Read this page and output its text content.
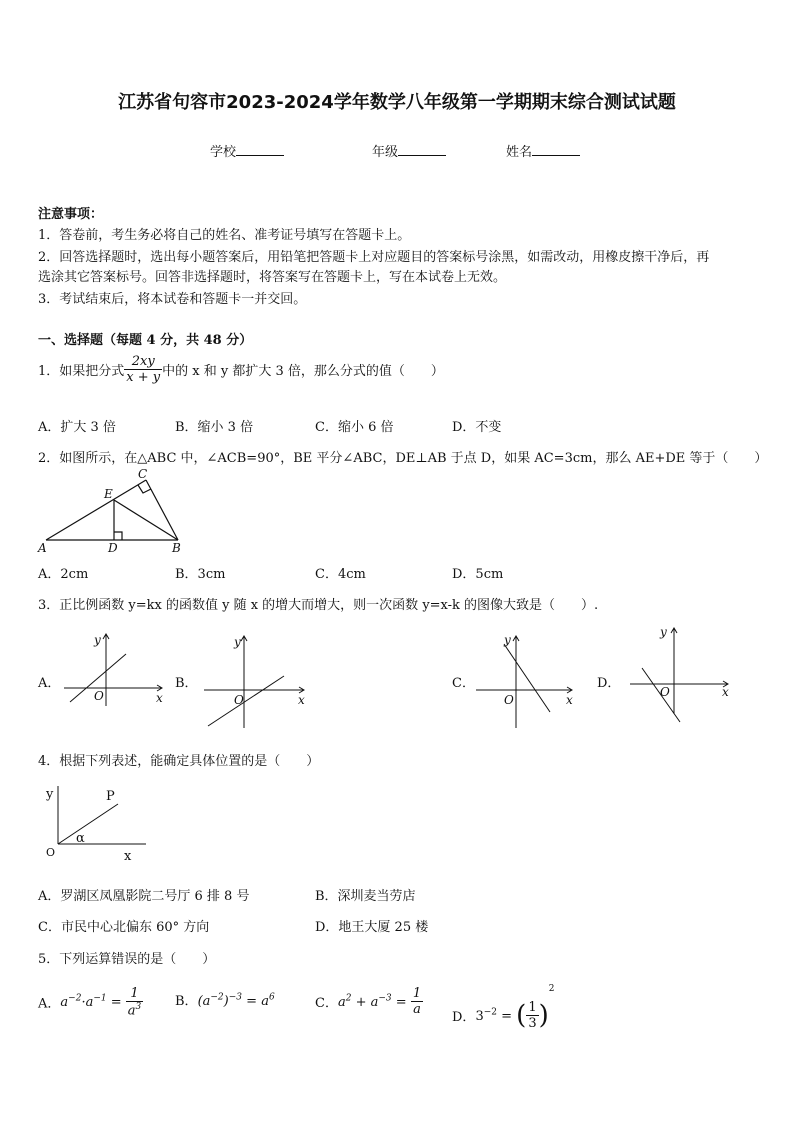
江苏省句容市2023-2024学年数学八年级第一学期期末综合测试试题
学校	年级	姓名
注意事项：
1．答卷前，考生务必将自己的姓名、准考证号填写在答题卡上。
2．回答选择题时，选出每小题答案后，用铅笔把答题卡上对应题目的答案标号涂黑，如需改动，用橡皮擦干净后，再
选涂其它答案标号。回答非选择题时，将答案写在答题卡上，写在本试卷上无效。
3．考试结束后，将本试卷和答题卡一并交回。
一、选择题（每题 4 分，共 48 分）
1．如果把分式 $\frac{2xy}{x + y}$ 中的 x 和 y 都扩大 3 倍，那么分式的值（　　）
A．扩大 3 倍	B．缩小 3 倍	C．缩小 6 倍	D．不变
2．如图所示，在△ABC 中，∠ACB=90°，BE 平分∠ABC，DE⊥AB 于点 D，如果 AC=3cm，那么 AE+DE 等于（　　）
A	B
C
D
E
A．2cm	B．3cm	C．4cm	D．5cm
3．正比例函数 y=kx 的函数值 y 随 x 的增大而增大，则一次函数 y=x-k 的图像大致是（　　）.
A．
y
x
O
B．
y
x
O
C．
y
x
O
D．
y
x
O
4．根据下列表述，能确定具体位置的是（　　）
y
x
O
P
α
A．罗湖区凤凰影院二号厅 6 排 8 号	B．深圳麦当劳店
C．市民中心北偏东 60° 方向	D．地王大厦 25 楼
5．下列运算错误的是（　　）
A．$a^{-2}\cdot a^{-1} = \frac{1}{a^3}$ B．$(a^{-2})^{-3} = a^6$	C．$a^2 + a^{-3} = \frac{1}{a}$
D．$3^{-2}$ = ( $\frac{1}{3} )^2$
